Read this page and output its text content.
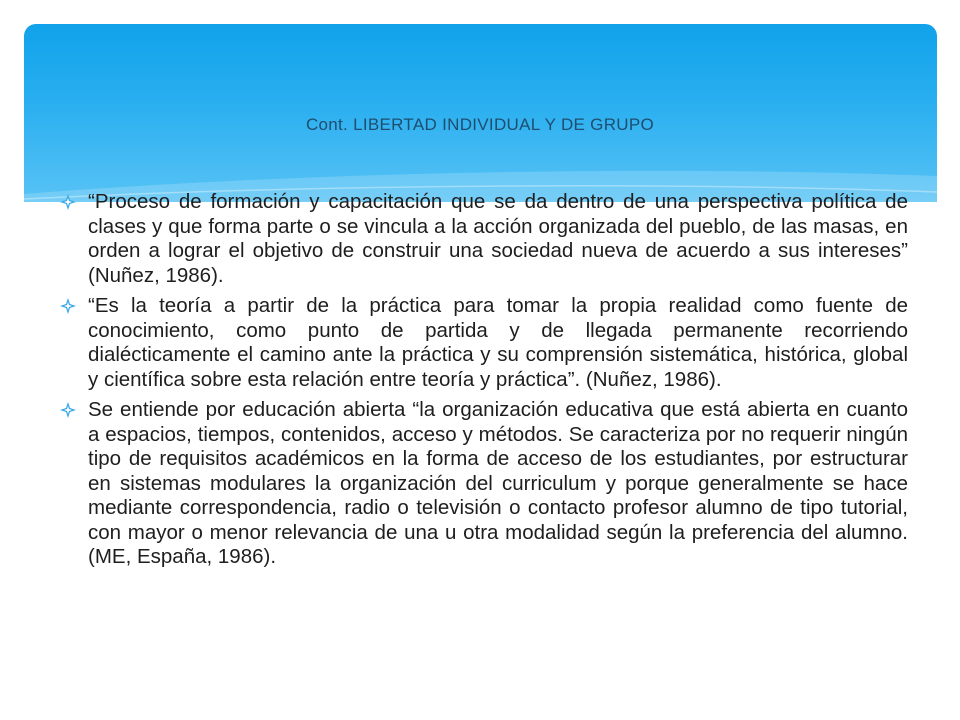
Cont. LIBERTAD INDIVIDUAL Y DE GRUPO
“Proceso de formación y capacitación que se da dentro de una perspectiva política de clases y que forma parte o se vincula a la acción organizada del pueblo, de las masas, en orden a lograr el objetivo de construir una sociedad nueva de acuerdo a sus intereses” (Nuñez, 1986).
“Es la teoría a partir de la práctica para tomar la propia realidad como fuente de conocimiento, como punto de partida y de llegada permanente recorriendo dialécticamente el camino ante la práctica y su comprensión sistemática, histórica, global y científica sobre esta relación entre teoría y práctica”. (Nuñez, 1986).
Se entiende por educación abierta “la organización educativa que está abierta en cuanto a espacios, tiempos, contenidos, acceso y métodos. Se caracteriza por no requerir ningún tipo de requisitos académicos en la forma de acceso de los estudiantes, por estructurar en sistemas modulares la organización del curriculum y porque generalmente se hace mediante correspondencia, radio o televisión o contacto profesor alumno de tipo tutorial, con mayor o menor relevancia de una u otra modalidad según la preferencia del alumno. (ME, España, 1986).
